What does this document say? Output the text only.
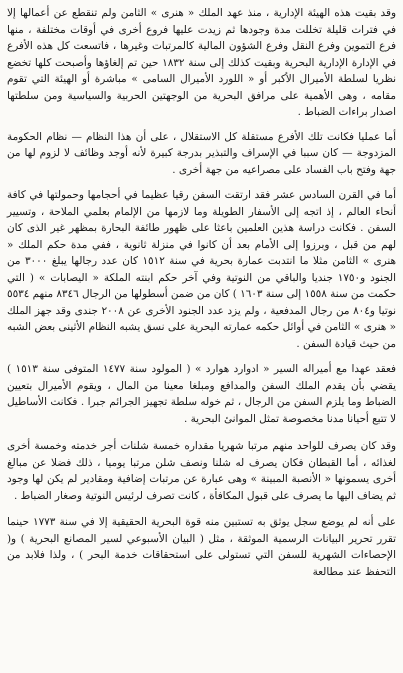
وقد بقيت هذه الهيئة الإدارية ، منذ عهد الملك « هنرى » الثامن ولم تنقطع عن أعمالها إلا في فترات قليلة تخللت مدة وجودها ثم زيدت عليها فروع أخرى في أوقات مختلفة ، منها فرع التموين وفرع النقل وفرع الشؤون المالية كالمرتبات وغيرها ، فاتسعت كل هذه الأفرع في الإدارة الإدارية البحرية وبقيت كذلك إلى سنة ١٨٣٢ حين تم إلغاؤها وأصبحت كلها تخضع نظريا لسلطة الأميرال الأكبر أو « اللورد الأميرال السامى » مباشرة أو الهيئة التي تقوم مقامه ، وهى الأهمية على مرافق البحرية من الوجهتين الحربية والسياسية ومن سلطتها اصدار براءات الضباط .

أما عمليا فكانت تلك الأفرع مستقلة كل الاستقلال ، على أن هذا النظام — نظام الحكومة المزدوجة — كان سببا في الإسراف والتبذير بدرجة كبيرة لأنه أوجد وظائف لا لزوم لها من جهة وفتح باب الفساد على مصراعيه من جهة أخرى .

أما في القرن السادس عشر فقد ارتقت السفن رقيا عظيما في أحجامها وحمولتها في كافة أنحاء العالم ، إذ اتجه إلى الأسفار الطويلة وما لازمها من الإلمام بعلمي الملاحة ، وتسيير السفن . فكانت دراسة هذين العلمين باعثا على ظهور طائفة البحارة بمظهر غير الذى كان لهم من قبل ، وبرزوا إلى الأمام بعد أن كانوا في منزلة ثانوية ، ففي مدة حكم الملك « هنرى » الثامن مثلا ما انتدبت عمارة بحرية في سنة ١٥١٢ كان عدد رجالها يبلغ ٣٠٠٠ من الجنود و١٧٥٠ جنديا والباقي من النوتية وفي آخر حكم ابنته الملكة « اليصابات » ( التي حكمت من سنة ١٥٥٨ إلى سنة ١٦٠٣ ) كان من ضمن أسطولها من الرجال ٨٣٤٦ منهم ٥٥٣٤ نوتيا و٨٠٤ من رجال المدفعية ، ولم يزد عدد الجنود الأخرى عن ٢٠٠٨ جندى وقد جهز الملك « هنرى » الثامن في أوائل حكمه عمارته البحرية على نسق يشبه النظام الأثينى بعض الشبه من حيث قيادة السفن .

فعقد عهدا مع أميراله السير « ادوارد هوارد » ( المولود سنة ١٤٧٧ المتوفى سنة ١٥١٣ ) يقضي بأن يقدم الملك السفن والمدافع ومبلغا معينا من المال ، ويقوم الأميرال بتعيين الضباط وما يلزم السفن من الرجال ، ثم خوله سلطة تجهيز الجرائم جبرا . فكانت الأساطيل لا تتبع أحيانا مدنا مخصوصة تمثل الموانئ البحرية .

وقد كان يصرف للواحد منهم مرتبا شهريا مقداره خمسة شلنات أجر خدمته وخمسة أخرى لغذائه ، أما القبطان فكان يصرف له شلنا ونصف شلن مرتبا يوميا ، ذلك فضلا عن مبالغ أخرى يسمونها « الأنصبة المبينة » وهى عبارة عن مرتبات إضافية ومقادير لم يكن لها وجود ثم يضاف اليها ما يصرف على قبول المكافأة ، كانت تصرف لرئيس النوتية وصغار الضباط .

على أنه لم يوضع سجل يوثق به تستبين منه قوة البحرية الحقيقية إلا في سنة ١٧٧٣ حينما تقرر تحرير البيانات الرسمية الموثقة ، مثل ( البيان الأسبوعي لسير المصانع البحرية ) و( الإحصاءات الشهرية للسفن التي تستولى على استحقاقات خدمة البحر ) ، ولذا فلابد من التحفظ عند مطالعة
